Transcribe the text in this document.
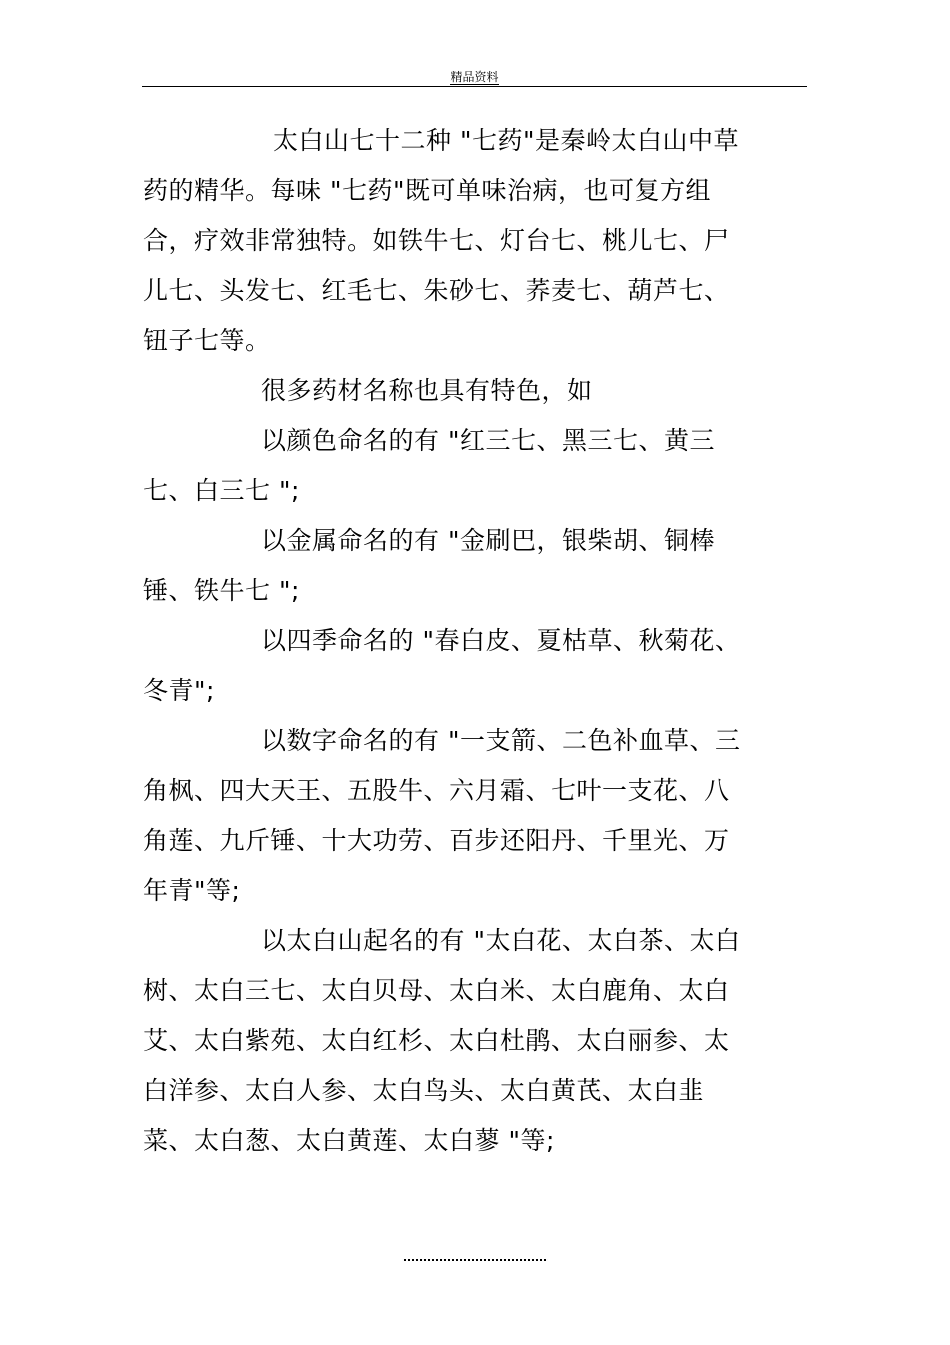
精品资料
太白山七十二种 "七药"是秦岭太白山中草
药的精华。每味 "七药"既可单味治病，也可复方组
合，疗效非常独特。如铁牛七、灯台七、桃儿七、尸
儿七、头发七、红毛七、朱砂七、荞麦七、葫芦七、
钮子七等。
很多药材名称也具有特色，如
以颜色命名的有 "红三七、黑三七、黄三
七、白三七 ";
以金属命名的有 "金刷巴，银柴胡、铜棒
锤、铁牛七 ";
以四季命名的 "春白皮、夏枯草、秋菊花、
冬青";
以数字命名的有 "一支箭、二色补血草、三
角枫、四大天王、五股牛、六月霜、七叶一支花、八
角莲、九斤锤、十大功劳、百步还阳丹、千里光、万
年青"等;
以太白山起名的有 "太白花、太白茶、太白
树、太白三七、太白贝母、太白米、太白鹿角、太白
艾、太白紫苑、太白红杉、太白杜鹃、太白丽参、太
白洋参、太白人参、太白鸟头、太白黄芪、太白韭
菜、太白葱、太白黄莲、太白蓼 "等;
